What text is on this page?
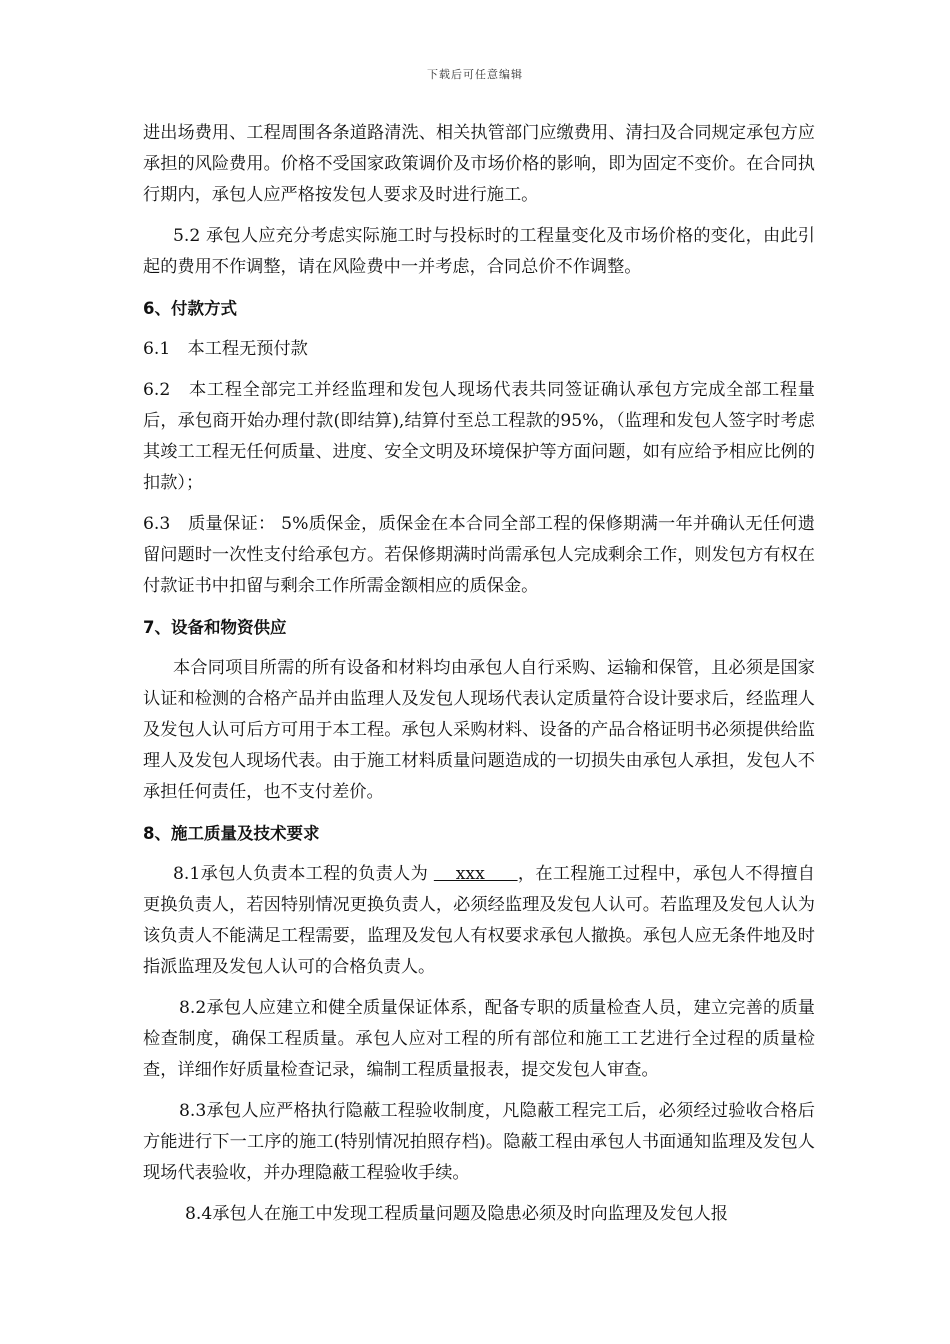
下载后可任意编辑

进出场费用、工程周围各条道路清洗、相关执管部门应缴费用、清扫及合同规定承包方应承担的风险费用。价格不受国家政策调价及市场价格的影响，即为固定不变价。在合同执行期内，承包人应严格按发包人要求及时进行施工。

5.2 承包人应充分考虑实际施工时与投标时的工程量变化及市场价格的变化，由此引起的费用不作调整，请在风险费中一并考虑，合同总价不作调整。

6、付款方式

6.1　本工程无预付款

6.2　本工程全部完工并经监理和发包人现场代表共同签证确认承包方完成全部工程量后，承包商开始办理付款(即结算),结算付至总工程款的95%，（监理和发包人签字时考虑其竣工工程无任何质量、进度、安全文明及环境保护等方面问题，如有应给予相应比例的扣款）；

6.3　质量保证： 5%质保金，质保金在本合同全部工程的保修期满一年并确认无任何遗留问题时一次性支付给承包方。若保修期满时尚需承包人完成剩余工作，则发包方有权在付款证书中扣留与剩余工作所需金额相应的质保金。

7、设备和物资供应

本合同项目所需的所有设备和材料均由承包人自行采购、运输和保管，且必须是国家认证和检测的合格产品并由监理人及发包人现场代表认定质量符合设计要求后，经监理人及发包人认可后方可用于本工程。承包人采购材料、设备的产品合格证明书必须提供给监理人及发包人现场代表。由于施工材料质量问题造成的一切损失由承包人承担，发包人不承担任何责任，也不支付差价。

8、施工质量及技术要求

8.1承包人负责本工程的负责人为     xxx      ，在工程施工过程中，承包人不得擅自更换负责人，若因特别情况更换负责人，必须经监理及发包人认可。若监理及发包人认为该负责人不能满足工程需要，监理及发包人有权要求承包人撤换。承包人应无条件地及时指派监理及发包人认可的合格负责人。

8.2承包人应建立和健全质量保证体系，配备专职的质量检查人员，建立完善的质量检查制度，确保工程质量。承包人应对工程的所有部位和施工工艺进行全过程的质量检查，详细作好质量检查记录，编制工程质量报表，提交发包人审查。

8.3承包人应严格执行隐蔽工程验收制度，凡隐蔽工程完工后，必须经过验收合格后方能进行下一工序的施工(特别情况拍照存档)。隐蔽工程由承包人书面通知监理及发包人现场代表验收，并办理隐蔽工程验收手续。

8.4承包人在施工中发现工程质量问题及隐患必须及时向监理及发包人报
